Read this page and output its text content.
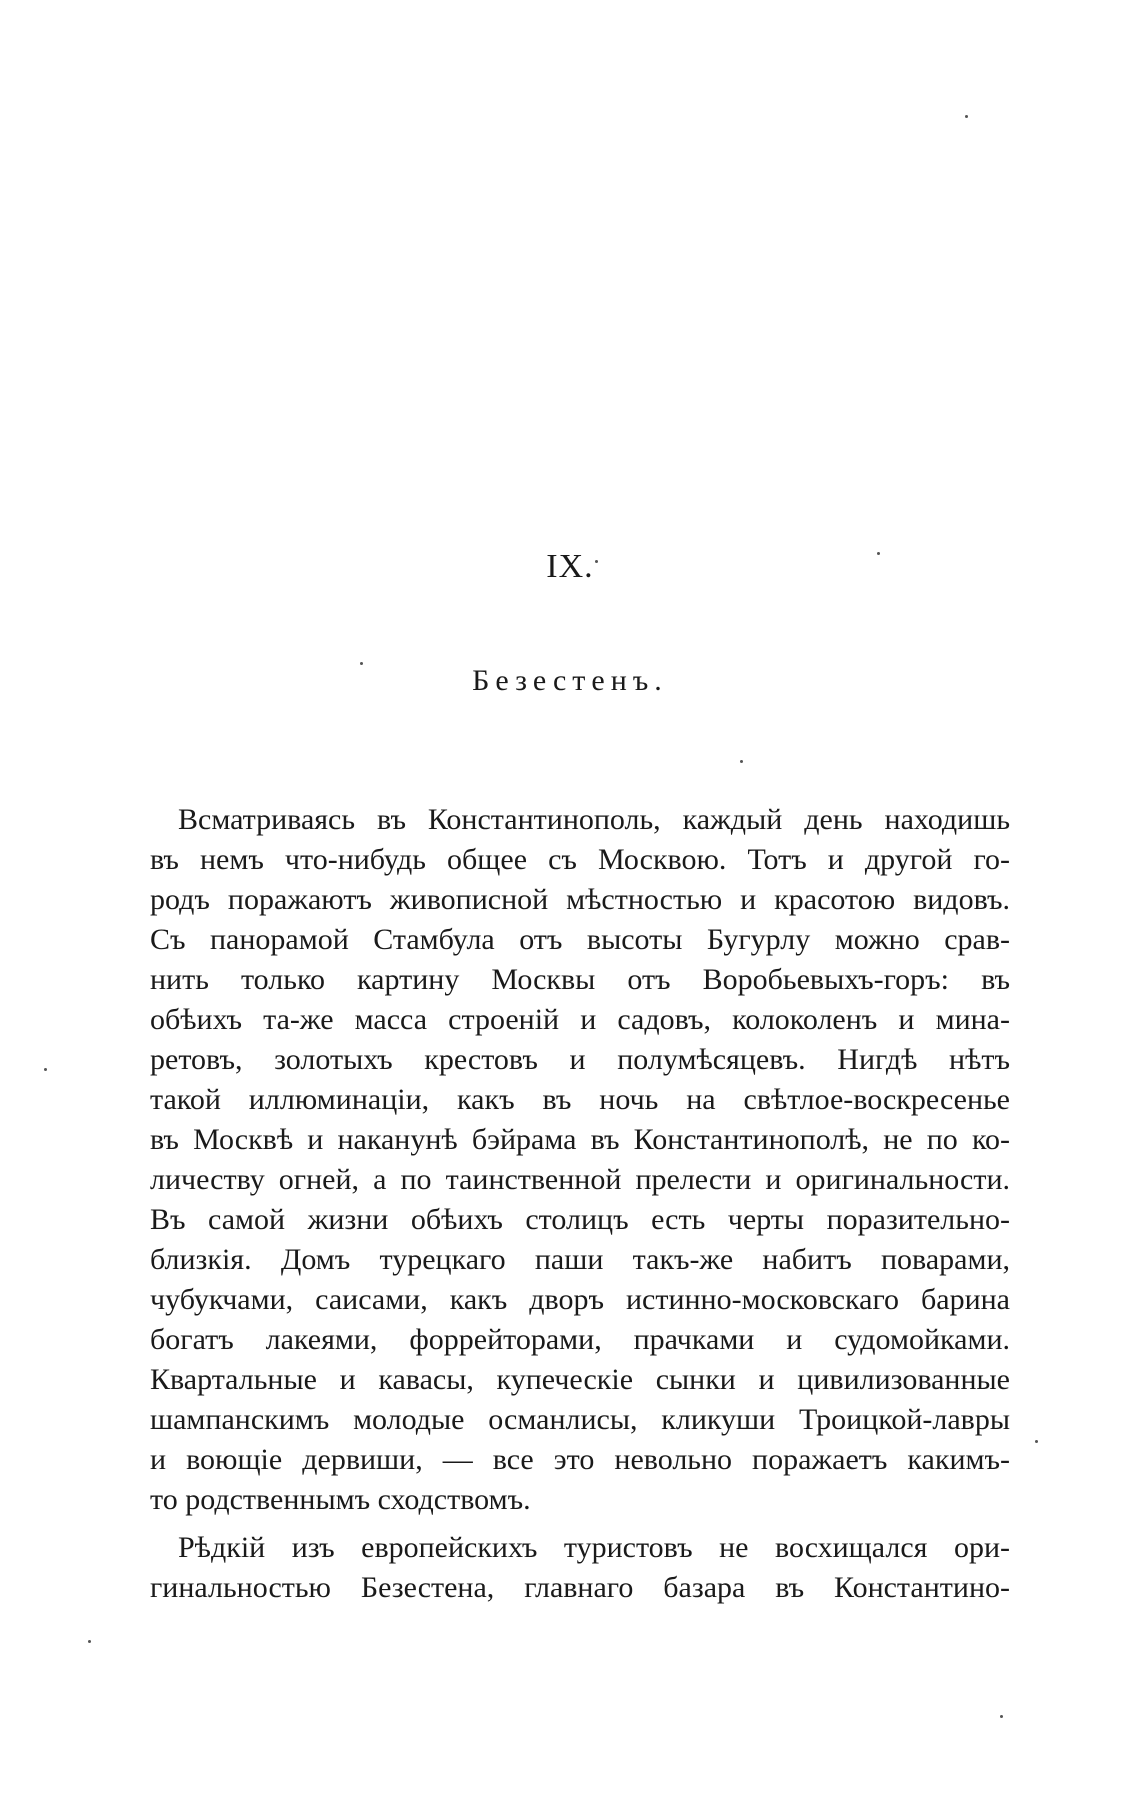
IX.
Безестенъ.
Всматриваясь въ Константинополь, каждый день находишь
въ немъ что-нибудь общее съ Москвою. Тотъ и другой го-
родъ поражаютъ живописной мѣстностью и красотою видовъ.
Съ панорамой Стамбула отъ высоты Бугурлу можно срав-
нить только картину Москвы отъ Воробьевыхъ-горъ: въ
обѣихъ та-же масса строеній и садовъ, колоколенъ и мина-
ретовъ, золотыхъ крестовъ и полумѣсяцевъ. Нигдѣ нѣтъ
такой иллюминаціи, какъ въ ночь на свѣтлое-воскресенье
въ Москвѣ и наканунѣ бэйрама въ Константинополѣ, не по ко-
личеству огней, а по таинственной прелести и оригинальности.
Въ самой жизни обѣихъ столицъ есть черты поразительно-
близкія. Домъ турецкаго паши такъ-же набитъ поварами,
чубукчами, саисами, какъ дворъ истинно-московскаго барина
богатъ лакеями, форрейторами, прачками и судомойками.
Квартальные и кавасы, купеческіе сынки и цивилизованные
шампанскимъ молодые османлисы, кликуши Троицкой-лавры
и воющіе дервиши, — все это невольно поражаетъ какимъ-
то родственнымъ сходствомъ.
Рѣдкій изъ европейскихъ туристовъ не восхищался ори-
гинальностью Безестена, главнаго базара въ Константино-
